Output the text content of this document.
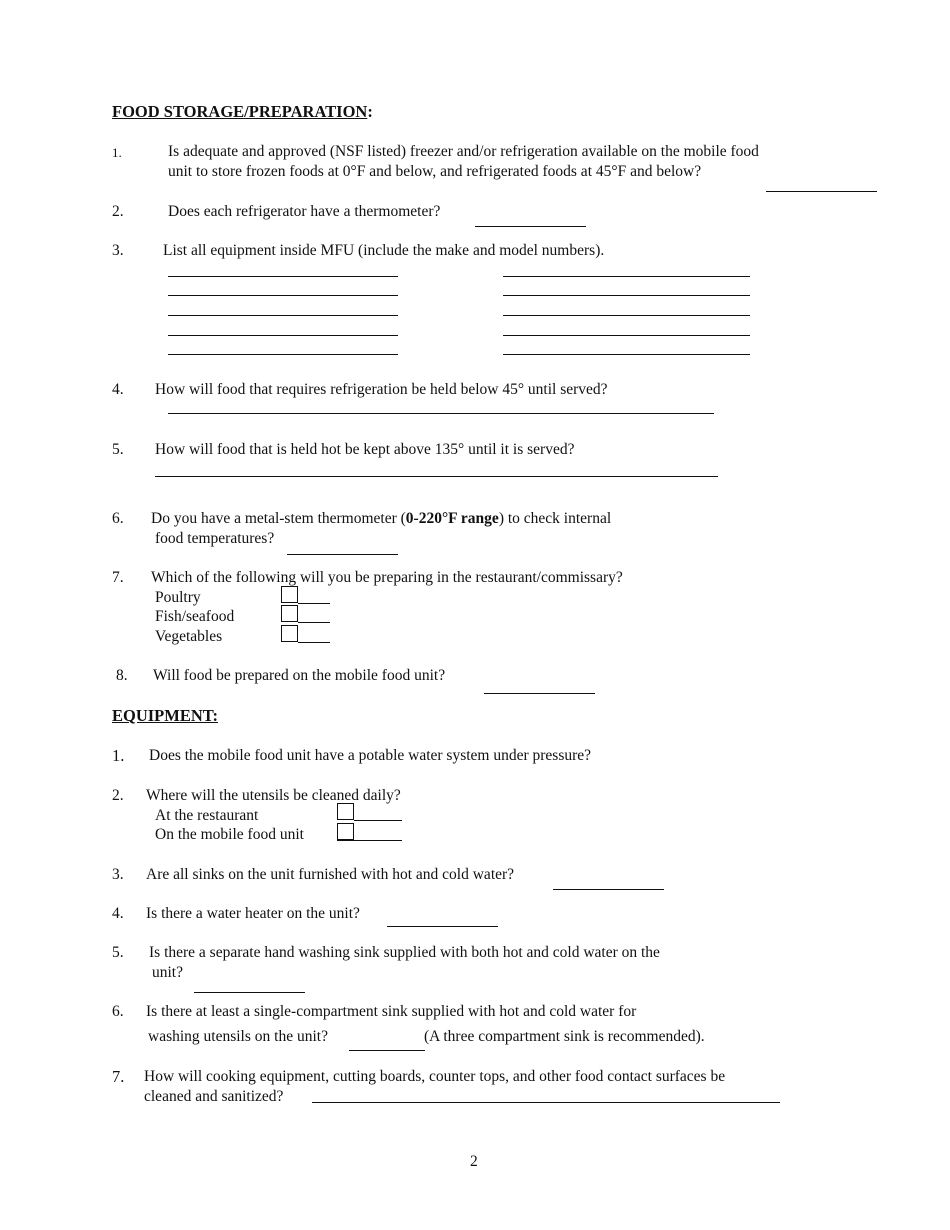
FOOD STORAGE/PREPARATION:
1.	Is adequate and approved (NSF listed) freezer and/or refrigeration available on the mobile food
unit to store frozen foods at 0°F and below, and refrigerated foods at 45°F and below?
2.	Does each refrigerator have a thermometer?
3.	List all equipment inside MFU (include the make and model numbers).
4. How will food that requires refrigeration be held below 45° until served?
5. How will food that is held hot be kept above 135° until it is served?
6. Do you have a metal-stem thermometer (0-220°F range) to check internal
food temperatures?
7. Which of the following will you be preparing in the restaurant/commissary?
Poultry
Fish/seafood
Vegetables
8. Will food be prepared on the mobile food unit?
EQUIPMENT:
1. Does the mobile food unit have a potable water system under pressure?
2. Where will the utensils be cleaned daily?
At the restaurant
On the mobile food unit
3. Are all sinks on the unit furnished with hot and cold water?
4. Is there a water heater on the unit?
5. Is there a separate hand washing sink supplied with both hot and cold water on the
unit?
6. Is there at least a single-compartment sink supplied with hot and cold water for
washing utensils on the unit?	(A three compartment sink is recommended).
7. How will cooking equipment, cutting boards, counter tops, and other food contact surfaces be
cleaned and sanitized?
2
